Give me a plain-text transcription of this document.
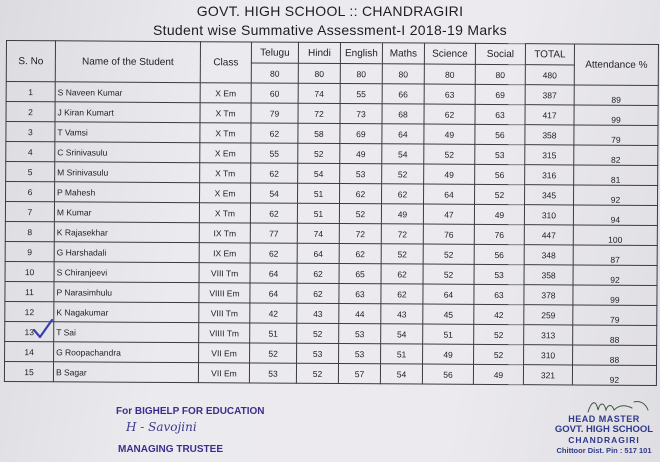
GOVT. HIGH SCHOOL :: CHANDRAGIRI
Student wise Summative Assessment-I 2018-19 Marks
S. No	Name of the Student	Class	Telugu	Hindi	English	Maths	Science	Social	TOTAL	Attendance %
			80	80	80	80	80	80	480	
1	S Naveen Kumar	X Em	60	74	55	66	63	69	387	89
2	J Kiran Kumart	X Tm	79	72	73	68	62	63	417	99
3	T Vamsi	X Tm	62	58	69	64	49	56	358	79
4	C Srinivasulu	X Em	55	52	49	54	52	53	315	82
5	M Srinivasulu	X Tm	62	54	53	52	49	56	316	81
6	P Mahesh	X Em	54	51	62	62	64	52	345	92
7	M Kumar	X Tm	62	51	52	49	47	49	310	94
8	K Rajasekhar	IX Tm	77	74	72	72	76	76	447	100
9	G Harshadali	IX Em	62	64	62	52	52	56	348	87
10	S Chiranjeevi	VIII Tm	64	62	65	62	52	53	358	92
11	P Narasimhulu	VIIII Em	64	62	63	62	64	63	378	99
12	K Nagakumar	VIII Tm	42	43	44	43	45	42	259	79
13	T Sai	VIIII Tm	51	52	53	54	51	52	313	88
14	G Roopachandra	VII Em	52	53	53	51	49	52	310	88
15	B Sagar	VII Em	53	52	57	54	56	49	321	92
For BIGHELP FOR EDUCATION
H - Savojini
MANAGING TRUSTEE
HEAD MASTER
GOVT. HIGH SCHOOL
CHANDRAGIRI
Chittoor Dist. Pin : 517 101
